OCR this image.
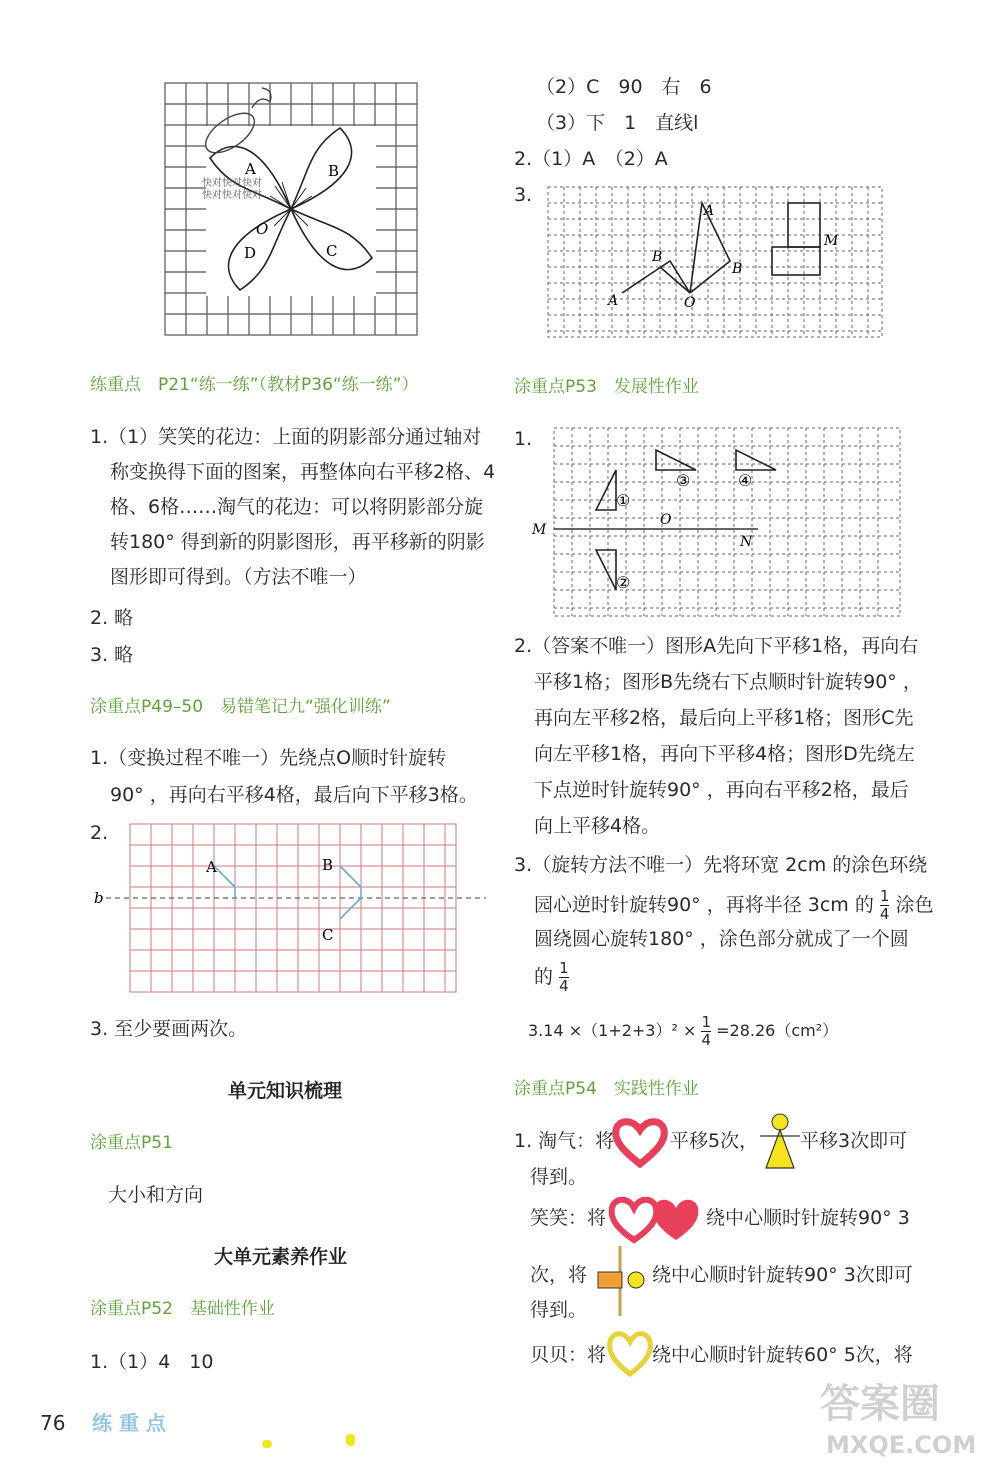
A	B
C
D
O
快对快对快对
快对快对快对
练重点　P21“练一练”（教材P36“练一练”）
1.（1）笑笑的花边：上面的阴影部分通过轴对
称变换得下面的图案，再整体向右平移2格、4
格、6格……淘气的花边：可以将阴影部分旋
转180° 得到新的阴影图形，再平移新的阴影
图形即可得到。（方法不唯一）
2. 略
3. 略
涂重点P49–50　易错笔记九“强化训练”
1.（变换过程不唯一）先绕点O顺时针旋转
90° ，再向右平移4格，最后向下平移3格。
2.
A	B
C
b
3. 至少要画两次。
单元知识梳理
涂重点P51
大小和方向
大单元素养作业
涂重点P52　基础性作业
1.（1）4　10
（2）C　90　右　6
（3）下　1　直线l
2.（1）A　（2）A
3.
A
B
B
A	O
M
涂重点P53　发展性作业
1.
①
②
③	④
O
M
N
2.（答案不唯一）图形A先向下平移1格，再向右
平移1格；图形B先绕右下点顺时针旋转90° ，
再向左平移2格，最后向上平移1格；图形C先
向左平移1格，再向下平移4格；图形D先绕左
下点逆时针旋转90° ，再向右平移2格，最后
向上平移4格。
3.（旋转方法不唯一）先将环宽 2cm 的涂色环绕
园心逆时针旋转90° ，再将半径 3cm 的 $\frac{1}{4}$ 涂色
圆绕圆心旋转180° ，涂色部分就成了一个圆
的 $\frac{1}{4}$
$3.14 \times(1+2+3)^2 \times \frac{1}{4} =28.26(cm^2)$
涂重点P54　实践性作业
1. 淘气：将	平移5次， 平移3次即可
得到。
笑笑：将	绕中心顺时针旋转90° 3
次，将	绕中心顺时针旋转90° 3次即可
得到。
贝贝：将 绕中心顺时针旋转60° 5次，将
76 练 重 点	答案圈
MXQE.COM
